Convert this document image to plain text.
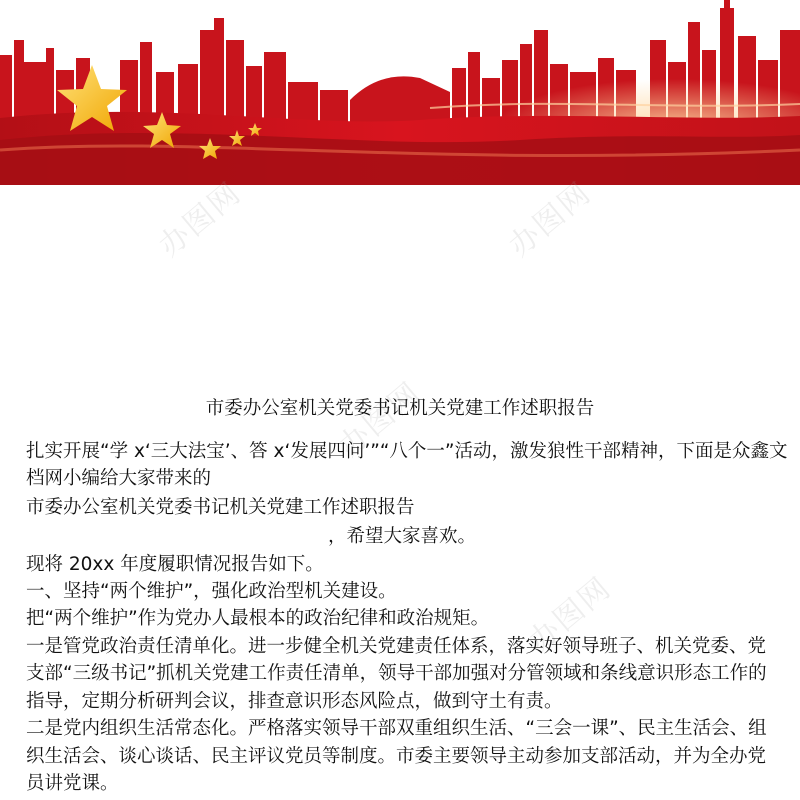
办图网	办图网
办图网
办图网
市委办公室机关党委书记机关党建工作述职报告
扎实开展“学 x‘三大法宝’、答 x‘发展四问’”“八个一”活动，激发狼性干部精神，下面是众鑫文
档网小编给大家带来的
市委办公室机关党委书记机关党建工作述职报告
，希望大家喜欢。
现将 20xx 年度履职情况报告如下。
一、坚持“两个维护”，强化政治型机关建设。
把“两个维护”作为党办人最根本的政治纪律和政治规矩。
一是管党政治责任清单化。进一步健全机关党建责任体系，落实好领导班子、机关党委、党
支部“三级书记”抓机关党建工作责任清单，领导干部加强对分管领域和条线意识形态工作的
指导，定期分析研判会议，排查意识形态风险点，做到守土有责。
二是党内组织生活常态化。严格落实领导干部双重组织生活、“三会一课”、民主生活会、组
织生活会、谈心谈话、民主评议党员等制度。市委主要领导主动参加支部活动，并为全办党
员讲党课。
